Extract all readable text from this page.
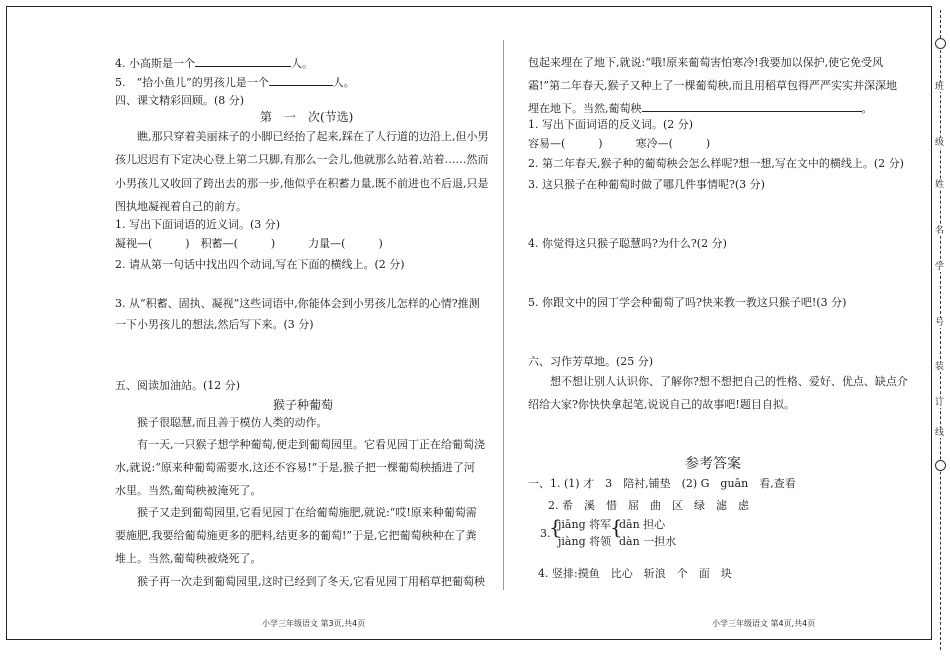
4. 小高斯是一个	人。
5.　“拾小鱼儿”的男孩儿是一个	人。
四、课文精彩回顾。(8 分)
第　一　次(节选)
　　瞧,那只穿着美丽袜子的小脚已经抬了起来,踩在了人行道的边沿上,但小男
孩儿迟迟有下定决心登上第二只脚,有那么一会儿,他就那么站着,站着……然而
小男孩儿又收回了跨出去的那一步,他似乎在积蓄力量,既不前进也不后退,只是
图执地凝视着自己的前方。
1. 写出下面词语的近义词。(3 分)
凝视—(　　　)　积蓄—(　　　)　　　力量—(　　　)
2. 请从第一句话中找出四个动词,写在下面的横线上。(2 分)
3. 从“积蓄、固执、凝视”这些词语中,你能体会到小男孩儿怎样的心情?推测
一下小男孩儿的想法,然后写下来。(3 分)
五、阅读加油站。(12 分)
猴子种葡萄
　　猴子很聪慧,而且善于模仿人类的动作。
　　有一天,一只猴子想学种葡萄,便走到葡萄园里。它看见园丁正在给葡萄浇
水,就说:“原来种葡萄需要水,这还不容易!”于是,猴子把一棵葡萄秧插进了河
水里。当然,葡萄秧被淹死了。
　　猴子又走到葡萄园里,它看见园丁在给葡萄施肥,就说:“哎!原来种葡萄需
要施肥,我要给葡萄施更多的肥料,结更多的葡萄!”于是,它把葡萄秧种在了粪
堆上。当然,葡萄秧被烧死了。
　　猴子再一次走到葡萄园里,这时已经到了冬天,它看见园丁用稻草把葡萄秧
小学三年级语文 第3页,共4页
包起来埋在了地下,就说:“哦!原来葡萄害怕寒冷!我要加以保护,使它免受风
霜!”第二年春天,猴子又种上了一棵葡萄秧,而且用稻草包得严严实实并深深地
埋在地下。当然,葡萄秧	。
1. 写出下面词语的反义词。(2 分)
容易—(　　　)　　　寒冷—(　　　)
2. 第二年春天,猴子种的葡萄秧会怎么样呢?想一想,写在文中的横线上。(2 分)
3. 这只猴子在种葡萄时做了哪几件事情呢?(3 分)
4. 你觉得这只猴子聪慧吗?为什么?(2 分)
5. 你跟文中的园丁学会种葡萄了吗?快来教一教这只猴子吧!(3 分)
六、习作芳草地。(25 分)
　　想不想让别人认识你、了解你?想不想把自己的性格、爱好、优点、缺点介
绍给大家?你快快拿起笔,说说自己的故事吧!题目自拟。
参考答案
一、1. (1) 才　3　陪衬,铺垫　(2) G　guān　看,查看
2. 希　溪　惜　屈　曲　区　绿　滤　虑
3.
{
jiāng 将军
jiàng 将领
{
dān 担心
dàn 一担水
4. 竖排:摸鱼　比心　斩浪　个　面　块
小学三年级语文 第4页,共4页
班
级
姓
名
学
号
装
订
线
